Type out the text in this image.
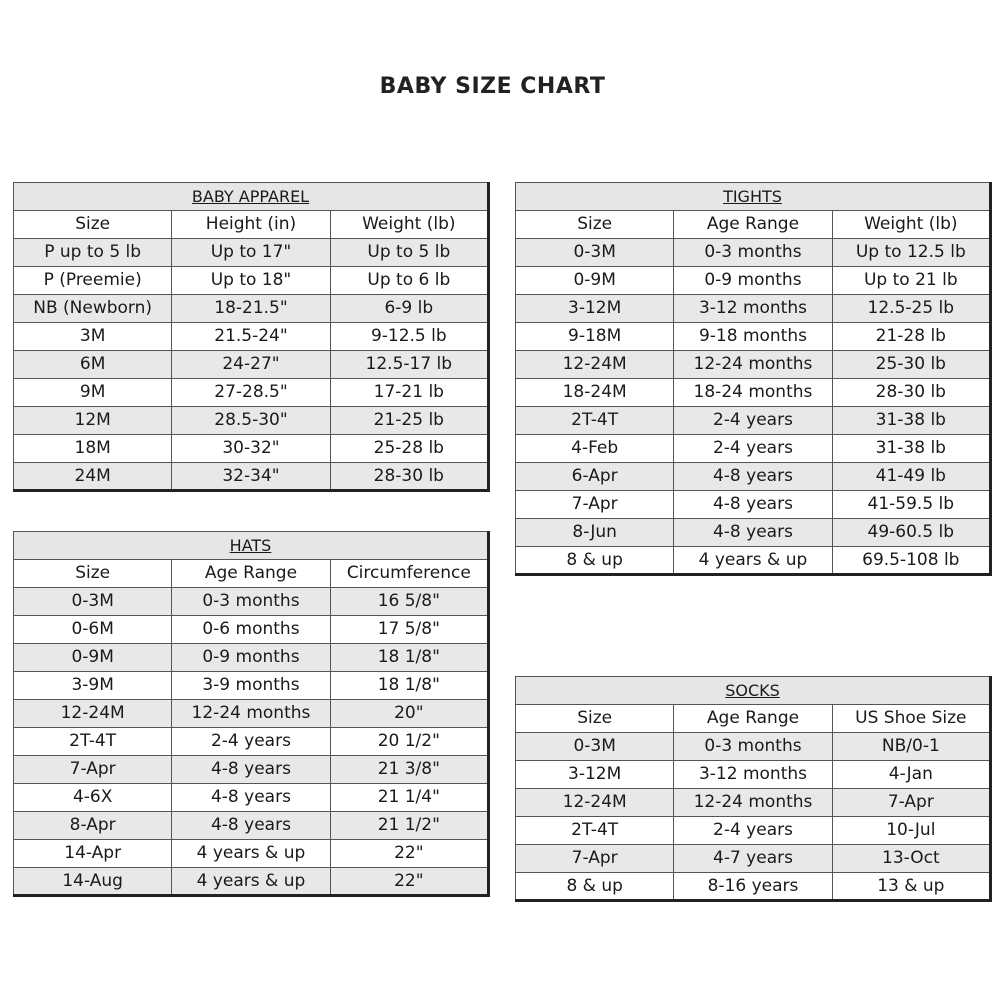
BABY SIZE CHART
BABY APPAREL		
Size	Height (in)	Weight (lb)
P up to 5 lb	Up to 17"	Up to 5 lb
P (Preemie)	Up to 18"	Up to 6 lb
NB (Newborn)	18-21.5"	6-9 lb
3M	21.5-24"	9-12.5 lb
6M	24-27"	12.5-17 lb
9M	27-28.5"	17-21 lb
12M	28.5-30"	21-25 lb
18M	30-32"	25-28 lb
24M	32-34"	28-30 lb
TIGHTS		
Size	Age Range	Weight (lb)
0-3M	0-3 months	Up to 12.5 lb
0-9M	0-9 months	Up to 21 lb
3-12M	3-12 months	12.5-25 lb
9-18M	9-18 months	21-28 lb
12-24M	12-24 months	25-30 lb
18-24M	18-24 months	28-30 lb
2T-4T	2-4 years	31-38 lb
4-Feb	2-4 years	31-38 lb
6-Apr	4-8 years	41-49 lb
7-Apr	4-8 years	41-59.5 lb
8-Jun	4-8 years	49-60.5 lb
8 & up	4 years & up	69.5-108 lb
HATS		
Size	Age Range	Circumference
0-3M	0-3 months	16 5/8"
0-6M	0-6 months	17 5/8"
0-9M	0-9 months	18 1/8"
3-9M	3-9 months	18 1/8"
12-24M	12-24 months	20"
2T-4T	2-4 years	20 1/2"
7-Apr	4-8 years	21 3/8"
4-6X	4-8 years	21 1/4"
8-Apr	4-8 years	21 1/2"
14-Apr	4 years & up	22"
14-Aug	4 years & up	22"
SOCKS		
Size	Age Range	US Shoe Size
0-3M	0-3 months	NB/0-1
3-12M	3-12 months	4-Jan
12-24M	12-24 months	7-Apr
2T-4T	2-4 years	10-Jul
7-Apr	4-7 years	13-Oct
8 & up	8-16 years	13 & up
